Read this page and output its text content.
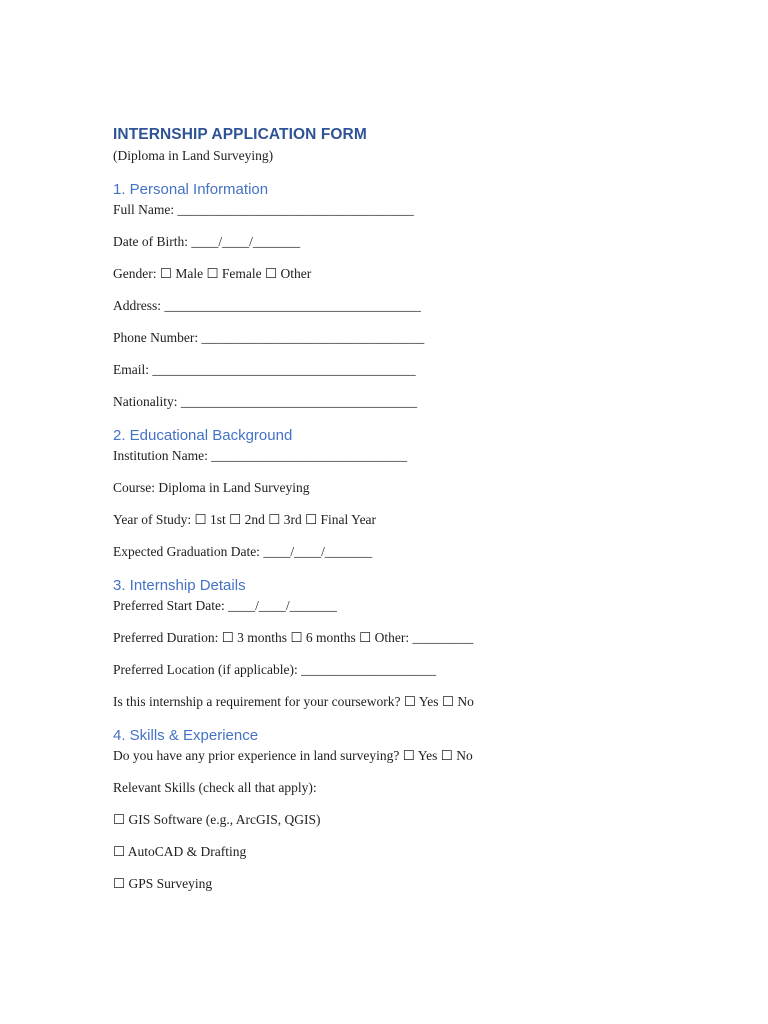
INTERNSHIP APPLICATION FORM

(Diploma in Land Surveying)

1. Personal Information

Full Name: ___________________________________

Date of Birth: ____/____/_______

Gender: ☐ Male ☐ Female ☐ Other

Address: ______________________________________

Phone Number: _________________________________

Email: _______________________________________

Nationality: ___________________________________

2. Educational Background

Institution Name: _____________________________

Course: Diploma in Land Surveying

Year of Study: ☐ 1st ☐ 2nd ☐ 3rd ☐ Final Year

Expected Graduation Date: ____/____/_______

3. Internship Details

Preferred Start Date: ____/____/_______

Preferred Duration: ☐ 3 months ☐ 6 months ☐ Other: _________

Preferred Location (if applicable): ____________________

Is this internship a requirement for your coursework? ☐ Yes ☐ No

4. Skills & Experience

Do you have any prior experience in land surveying? ☐ Yes ☐ No

Relevant Skills (check all that apply):

☐ GIS Software (e.g., ArcGIS, QGIS)

☐ AutoCAD & Drafting

☐ GPS Surveying
